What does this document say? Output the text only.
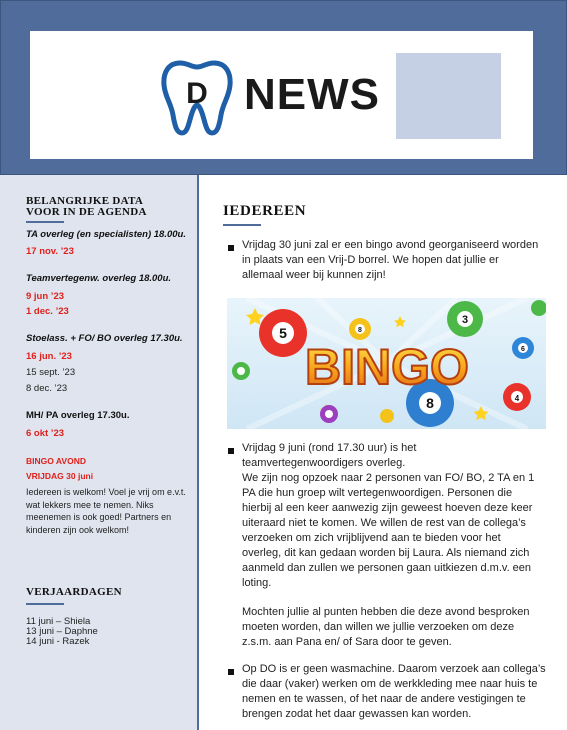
D NEWS
BELANGRIJKE DATA
VOOR IN DE AGENDA
TA overleg (en specialisten) 18.00u.
17 nov. ’23
Teamvertegenw. overleg 18.00u.
9 jun ’23
1 dec. ’23
Stoelass. + FO/ BO overleg 17.30u.
16 jun. ’23
15 sept. ’23
8 dec. ’23
MH/ PA overleg 17.30u.
6 okt ’23
BINGO AVOND
VRIJDAG 30 juni
Iedereen is welkom! Voel je vrij om e.v.t. wat lekkers mee te nemen. Niks meenemen is ook goed! Partners en kinderen zijn ook welkom!
VERJAARDAGEN
11 juni – Shiela
13 juni – Daphne
14 juni - Razek
IEDEREEN
Vrijdag 30 juni zal er een bingo avond georganiseerd worden
in plaats van een Vrij-D borrel. We hopen dat jullie er
allemaal weer bij kunnen zijn!
Vrijdag 9 juni (rond 17.30 uur) is het
teamvertegenwoordigers overleg.
We zijn nog opzoek naar 2 personen van FO/ BO, 2 TA en 1
PA die hun groep wilt vertegenwoordigen. Personen die
hierbij al een keer aanwezig zijn geweest hoeven deze keer
uiteraard niet te komen. We willen de rest van de collega’s
verzoeken om zich vrijblijvend aan te bieden voor het
overleg, dit kan gedaan worden bij Laura. Als niemand zich
aanmeld dan zullen we personen gaan uitkiezen d.m.v. een
loting.
Mochten jullie al punten hebben die deze avond besproken
moeten worden, dan willen we jullie verzoeken om deze
z.s.m. aan Pana en/ of Sara door te geven.
Op DO is er geen wasmachine. Daarom verzoek aan collega’s
die daar (vaker) werken om de werkkleding mee naar huis te
nemen en te wassen, of het naar de andere vestigingen te
brengen zodat het daar gewassen kan worden.
5	8
3
6
8	4
BINGO
